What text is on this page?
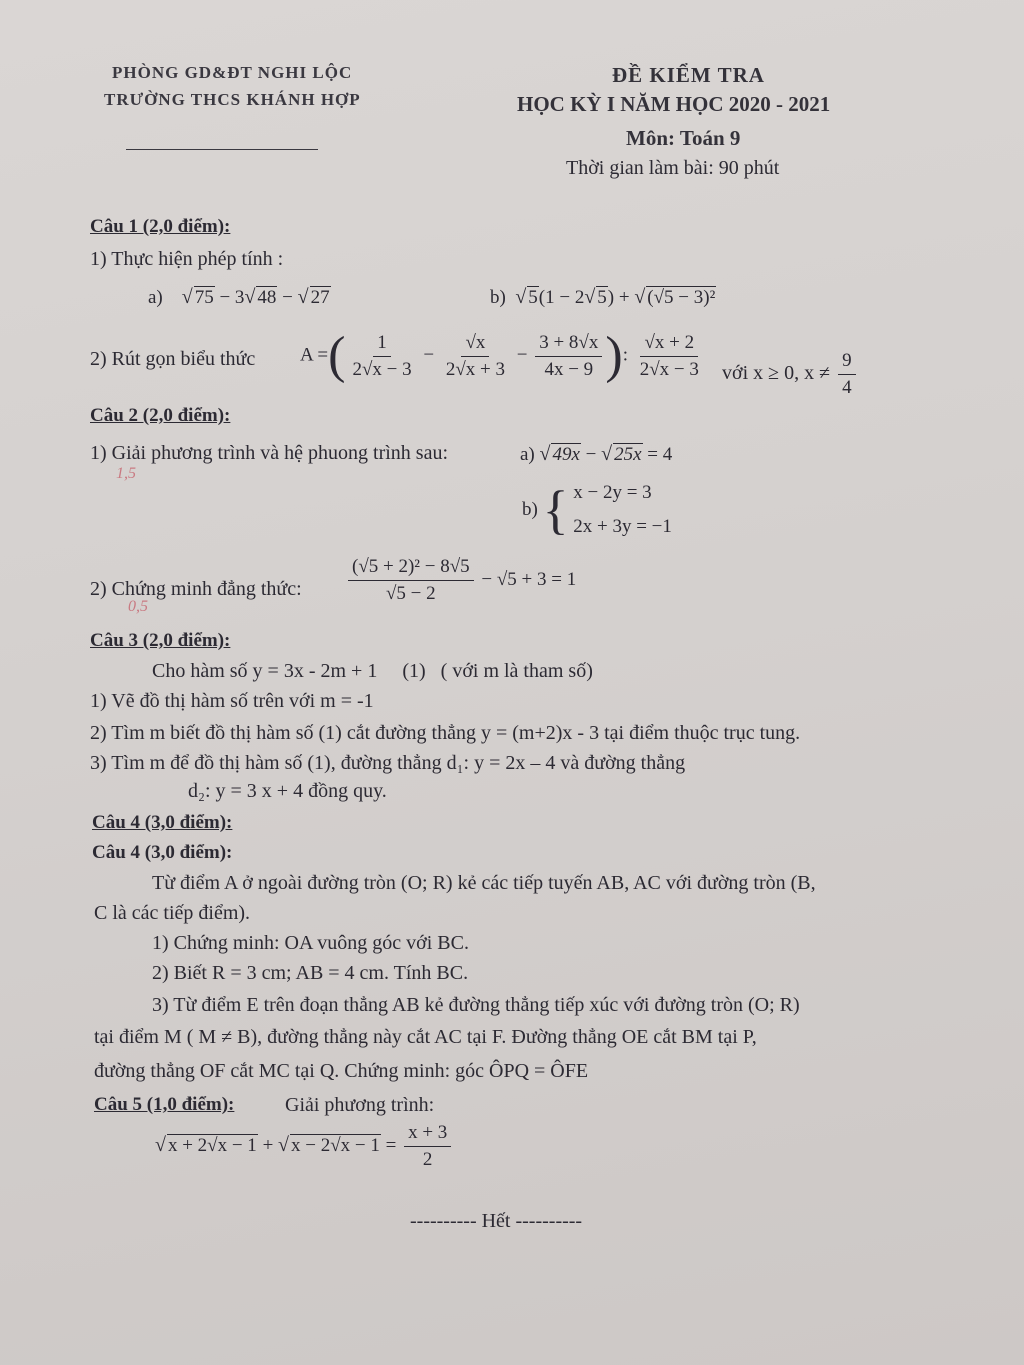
PHÒNG GD&ĐT NGHI LỘC
TRƯỜNG THCS KHÁNH HỢP
ĐỀ KIỂM TRA
HỌC KỲ I NĂM HỌC 2020 - 2021
Môn: Toán 9
Thời gian làm bài: 90 phút
Câu 1 (2,0 điểm):
1) Thực hiện phép tính :
a) √ 75 − 3√ 48 − √ 27	b) √ 5(1 − 2√ 5) + √ (√5 − 3)²
2) Rút gọn biểu thức A =( $\frac{1}{2√x - 3} - \frac{√x}{2√x + 3} - \frac{3 + 8√x}{4x - 9}$ ): $\frac{√x + 2}{2√x - 3}$ với x ≥ 0, $x \ne \frac{9}{4}$
Câu 2 (2,0 điểm):
1) Giải phương trình và hệ phuong trình sau:
1,5
a) √ 49x − √ 25x = 4
b) { x − 2y = 3
2x + 3y = −1
2) Chứng minh đẳng thức:
0,5
$\frac{\text{(√5 + 2)² − 8√5}}{√5 - 2} - √5 + 3 = 1$
Câu 3 (2,0 điểm):
Cho hàm số y = 3x - 2m + 1     (1)   ( với m là tham số)
1) Vẽ đồ thị hàm số trên với m = -1
2) Tìm m biết đồ thị hàm số (1) cắt đường thẳng y = (m+2)x - 3 tại điểm thuộc trục tung.
3) Tìm m để đồ thị hàm số (1), đường thẳng d₁: y = 2x – 4 và đường thẳng
d₂: y = 3 x + 4 đồng quy.
Câu 4 (3,0 điểm):
Câu 4 (3,0 điểm):
Từ điểm A ở ngoài đường tròn (O; R) kẻ các tiếp tuyến AB, AC với đường tròn (B,
C là các tiếp điểm).
1) Chứng minh: OA vuông góc với BC.
2) Biết R = 3 cm; AB = 4 cm. Tính BC.
3) Từ điểm E trên đoạn thẳng AB kẻ đường thẳng tiếp xúc với đường tròn (O; R)
tại điểm M ( M ≠ B), đường thẳng này cắt AC tại F. Đường thẳng OE cắt BM tại P,
đường thẳng OF cắt MC tại Q. Chứng minh: góc ÔPQ = ÔFE
Câu 5 (1,0 điểm):	Giải phương trình:
√ x + 2√x − 1 + √ $x - 2√x - 1 = \frac{x + 3}{2}$
---------- Hết ----------
